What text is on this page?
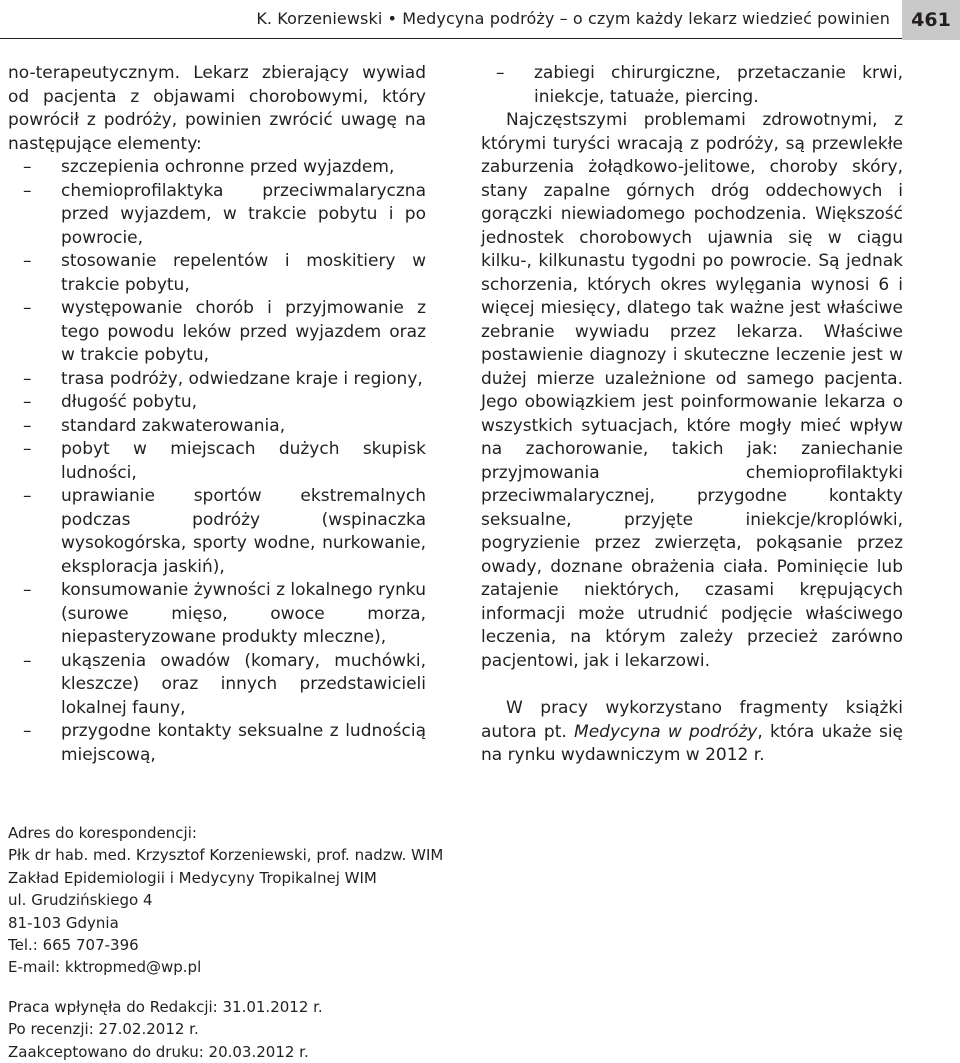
K. Korzeniewski • Medycyna podróży – o czym każdy lekarz wiedzieć powinien	461

no-terapeutycznym. Lekarz zbierający wywiad od pacjenta z objawami chorobowymi, który powrócił z podróży, powinien zwrócić uwagę na następujące elementy:

– szczepienia ochronne przed wyjazdem,
– chemioprofilaktyka przeciwmalaryczna przed wyjazdem, w trakcie pobytu i po powrocie,
– stosowanie repelentów i moskitiery w trakcie pobytu,
– występowanie chorób i przyjmowanie z tego powodu leków przed wyjazdem oraz w trakcie pobytu,
– trasa podróży, odwiedzane kraje i regiony,
– długość pobytu,
– standard zakwaterowania,
– pobyt w miejscach dużych skupisk ludności,
– uprawianie sportów ekstremalnych podczas podróży (wspinaczka wysokogórska, sporty wodne, nurkowanie, eksploracja jaskiń),
– konsumowanie żywności z lokalnego rynku (surowe mięso, owoce morza, niepasteryzowane produkty mleczne),
– ukąszenia owadów (komary, muchówki, kleszcze) oraz innych przedstawicieli lokalnej fauny,
– przygodne kontakty seksualne z ludnością miejscową,
– zabiegi chirurgiczne, przetaczanie krwi, iniekcje, tatuaże, piercing.

Najczęstszymi problemami zdrowotnymi, z którymi turyści wracają z podróży, są przewlekłe zaburzenia żołądkowo-jelitowe, choroby skóry, stany zapalne górnych dróg oddechowych i gorączki niewiadomego pochodzenia. Większość jednostek chorobowych ujawnia się w ciągu kilku-, kilkunastu tygodni po powrocie. Są jednak schorzenia, których okres wylęgania wynosi 6 i więcej miesięcy, dlatego tak ważne jest właściwe zebranie wywiadu przez lekarza. Właściwe postawienie diagnozy i skuteczne leczenie jest w dużej mierze uzależnione od samego pacjenta. Jego obowiązkiem jest poinformowanie lekarza o wszystkich sytuacjach, które mogły mieć wpływ na zachorowanie, takich jak: zaniechanie przyjmowania chemioprofilaktyki przeciwmalarycznej, przygodne kontakty seksualne, przyjęte iniekcje/kroplówki, pogryzienie przez zwierzęta, pokąsanie przez owady, doznane obrażenia ciała. Pominięcie lub zatajenie niektórych, czasami krępujących informacji może utrudnić podjęcie właściwego leczenia, na którym zależy przecież zarówno pacjentowi, jak i lekarzowi.

W pracy wykorzystano fragmenty książki autora pt. Medycyna w podróży, która ukaże się na rynku wydawniczym w 2012 r.

Adres do korespondencji:

Płk dr hab. med. Krzysztof Korzeniewski, prof. nadzw. WIM

Zakład Epidemiologii i Medycyny Tropikalnej WIM

ul. Grudzińskiego 4

81-103 Gdynia

Tel.: 665 707-396

E-mail: kktropmed@wp.pl

Praca wpłynęła do Redakcji: 31.01.2012 r.

Po recenzji: 27.02.2012 r.

Zaakceptowano do druku: 20.03.2012 r.
